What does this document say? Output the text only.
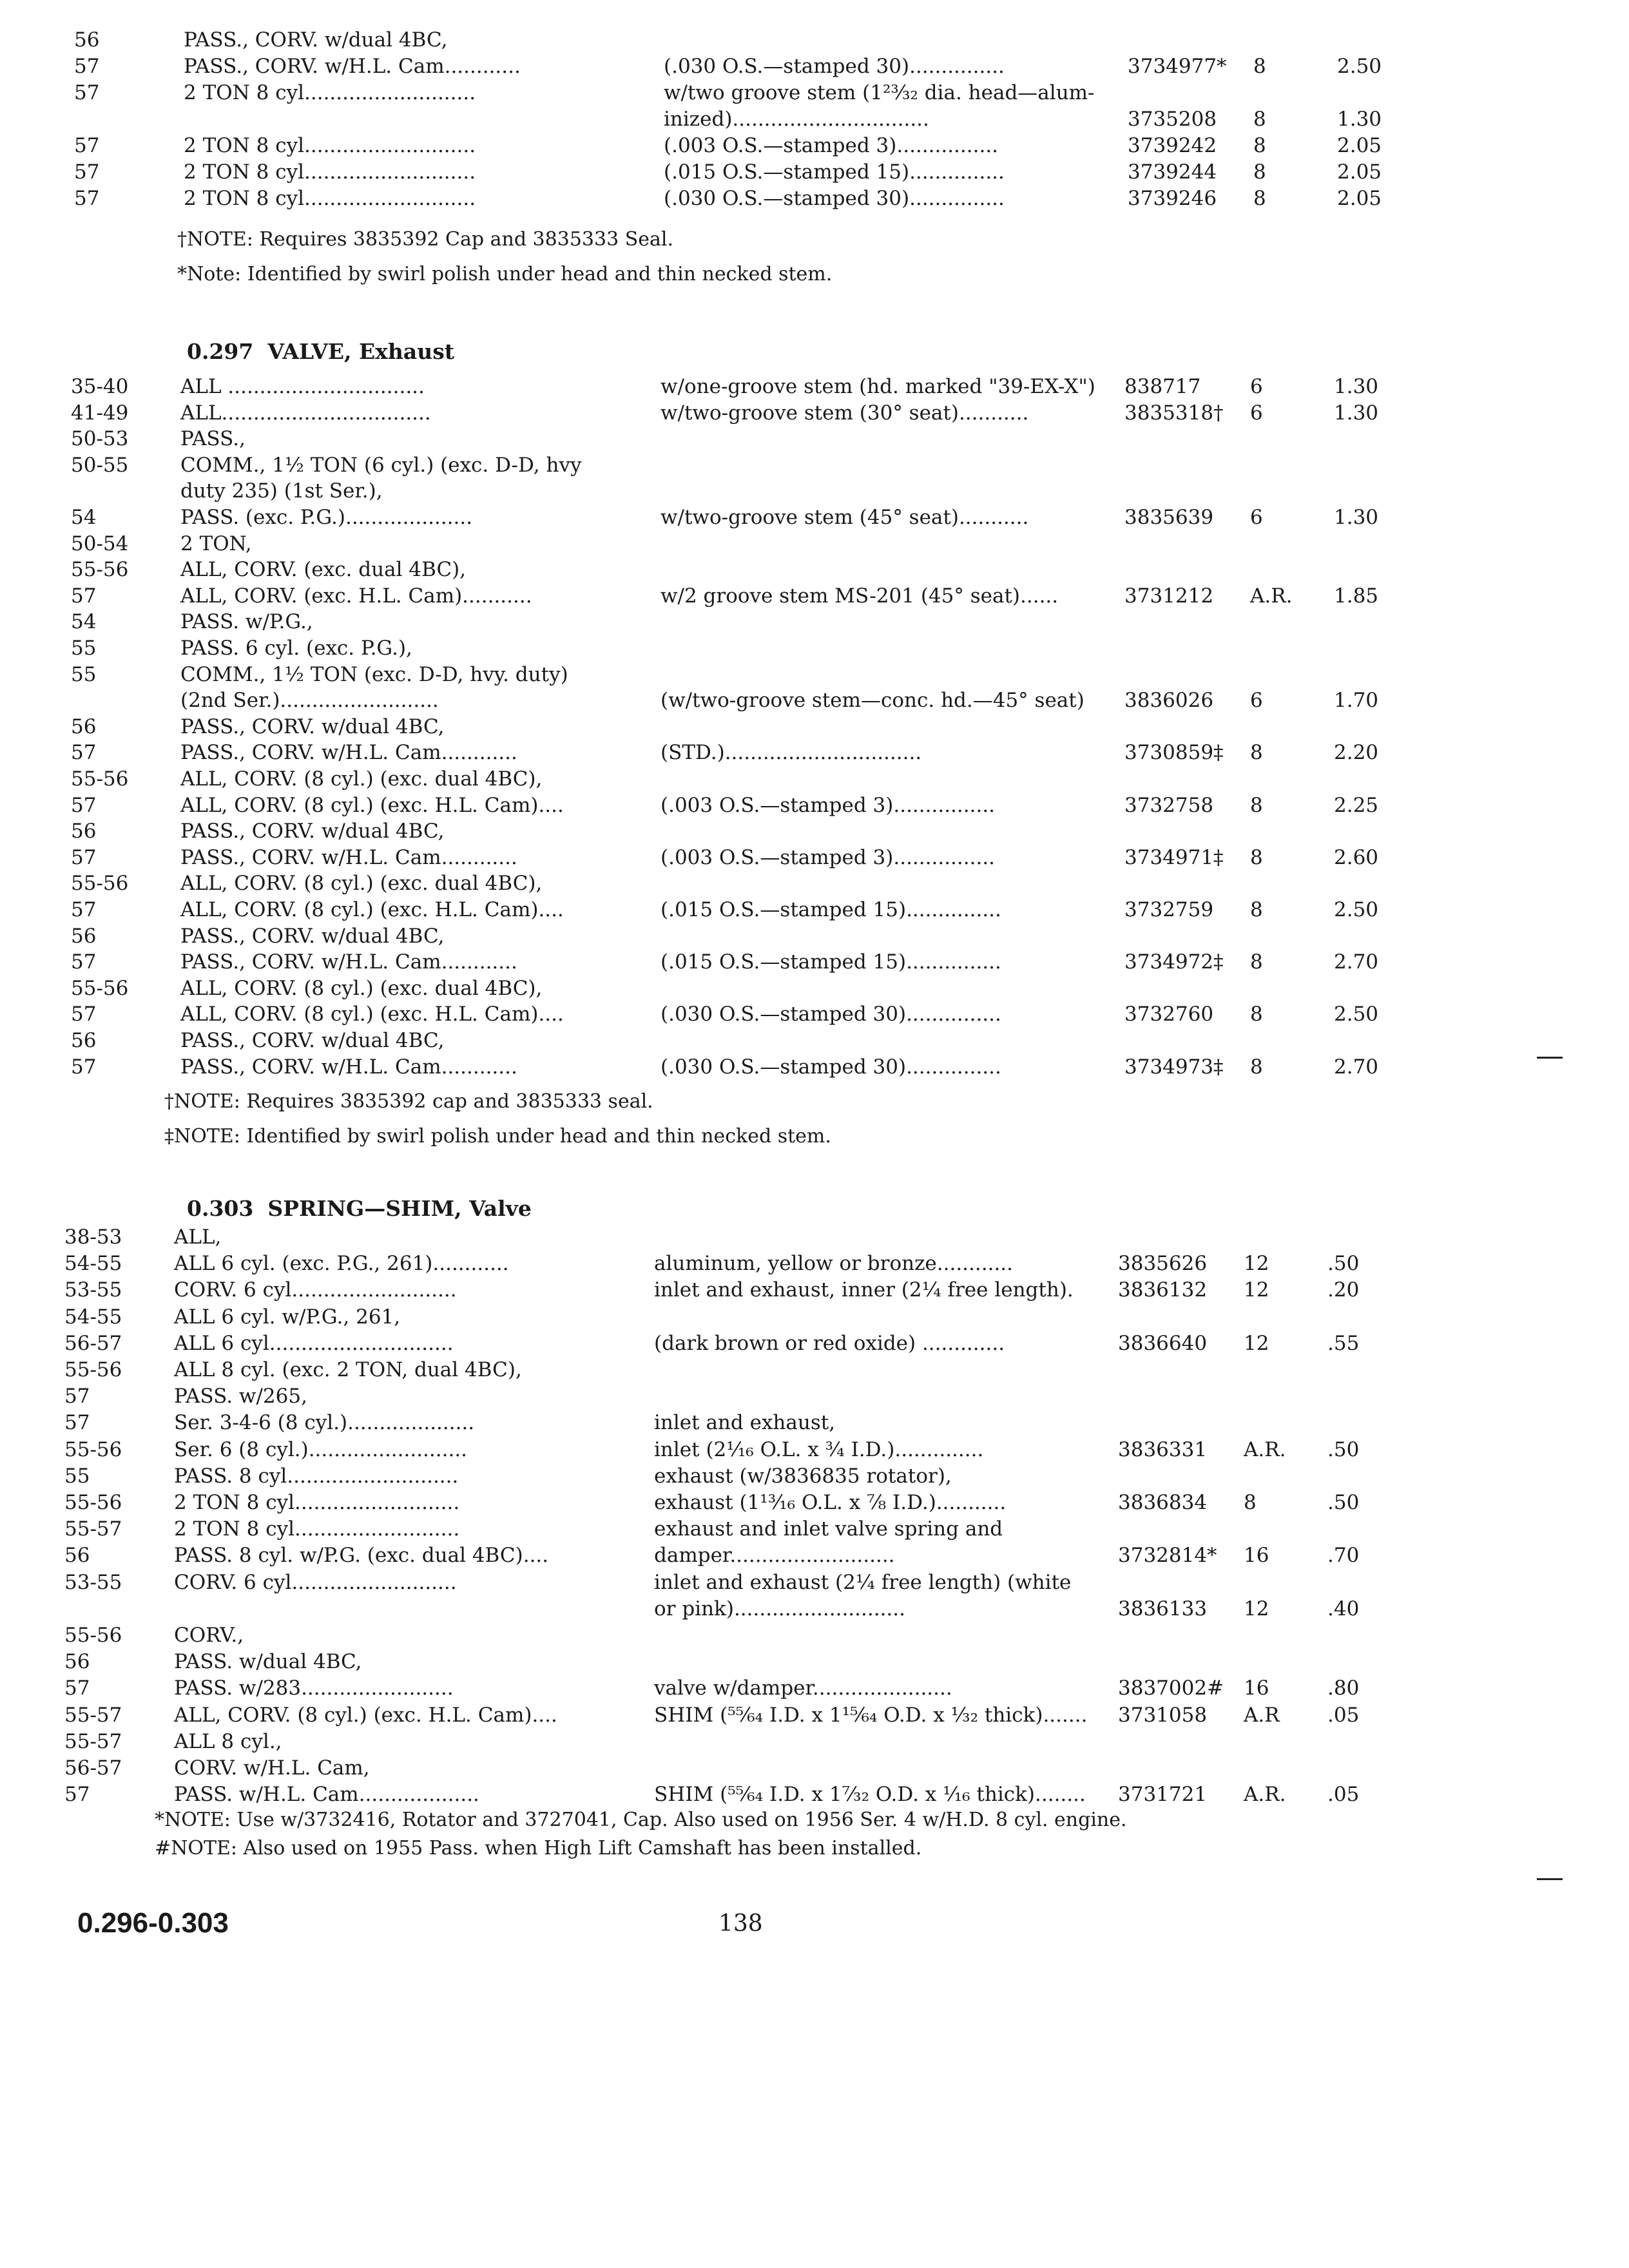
56	PASS., CORV. w/dual 4BC,
57	PASS., CORV. w/H.L. Cam............	(.030 O.S.—stamped 30)...............	3734977* 8	2.50
57	2 TON 8 cyl...........................	w/two groove stem (1²³⁄₃₂ dia. head—alum-
inized)...............................	3735208 8	1.30
57	2 TON 8 cyl...........................	(.003 O.S.—stamped 3)................	3739242 8	2.05
57	2 TON 8 cyl...........................	(.015 O.S.—stamped 15)...............	3739244 8	2.05
57	2 TON 8 cyl...........................	(.030 O.S.—stamped 30)...............	3739246 8	2.05
†NOTE: Requires 3835392 Cap and 3835333 Seal.
*Note: Identified by swirl polish under head and thin necked stem.
0.297 VALVE, Exhaust
35-40	ALL ...............................	w/one-groove stem (hd. marked "39-EX-X") 838717 6	1.30
41-49	ALL.................................	w/two-groove stem (30° seat)...........	3835318† 6	1.30
50-53	PASS.,
50-55	COMM., 1½ TON (6 cyl.) (exc. D-D, hvy
duty 235) (1st Ser.),
54	PASS. (exc. P.G.)....................	w/two-groove stem (45° seat)...........	3835639 6	1.30
50-54	2 TON,
55-56	ALL, CORV. (exc. dual 4BC),
57	ALL, CORV. (exc. H.L. Cam)...........	w/2 groove stem MS-201 (45° seat)......	3731212 A.R. 1.85
54	PASS. w/P.G.,
55	PASS. 6 cyl. (exc. P.G.),
55	COMM., 1½ TON (exc. D-D, hvy. duty)
(2nd Ser.).........................	(w/two-groove stem—conc. hd.—45° seat) 3836026 6	1.70
56	PASS., CORV. w/dual 4BC,
57	PASS., CORV. w/H.L. Cam............	(STD.)...............................	3730859‡ 8	2.20
55-56	ALL, CORV. (8 cyl.) (exc. dual 4BC),
57	ALL, CORV. (8 cyl.) (exc. H.L. Cam)....	(.003 O.S.—stamped 3)................	3732758 8	2.25
56	PASS., CORV. w/dual 4BC,
57	PASS., CORV. w/H.L. Cam............	(.003 O.S.—stamped 3)................	3734971‡ 8	2.60
55-56	ALL, CORV. (8 cyl.) (exc. dual 4BC),
57	ALL, CORV. (8 cyl.) (exc. H.L. Cam)....	(.015 O.S.—stamped 15)...............	3732759 8	2.50
56	PASS., CORV. w/dual 4BC,
57	PASS., CORV. w/H.L. Cam............	(.015 O.S.—stamped 15)...............	3734972‡ 8	2.70
55-56	ALL, CORV. (8 cyl.) (exc. dual 4BC),
57	ALL, CORV. (8 cyl.) (exc. H.L. Cam)....	(.030 O.S.—stamped 30)...............	3732760 8	2.50
56	PASS., CORV. w/dual 4BC,
57	PASS., CORV. w/H.L. Cam............	(.030 O.S.—stamped 30)...............	3734973‡ 8	2.70
†NOTE: Requires 3835392 cap and 3835333 seal.
‡NOTE: Identified by swirl polish under head and thin necked stem.
0.303 SPRING—SHIM, Valve
38-53	ALL,
54-55	ALL 6 cyl. (exc. P.G., 261)............	aluminum, yellow or bronze............	3835626 12	.50
53-55	CORV. 6 cyl..........................	inlet and exhaust, inner (2¼ free length). 3836132 12	.20
54-55	ALL 6 cyl. w/P.G., 261,
56-57	ALL 6 cyl.............................	(dark brown or red oxide) .............	3836640 12	.55
55-56	ALL 8 cyl. (exc. 2 TON, dual 4BC),
57	PASS. w/265,
57	Ser. 3-4-6 (8 cyl.)....................	inlet and exhaust,
55-56	Ser. 6 (8 cyl.).........................	inlet (2¹⁄₁₆ O.L. x ¾ I.D.)..............	3836331 A.R. .50
55	PASS. 8 cyl...........................	exhaust (w/3836835 rotator),
55-56	2 TON 8 cyl..........................	exhaust (1¹³⁄₁₆ O.L. x ⅞ I.D.)...........	3836834 8	.50
55-57	2 TON 8 cyl..........................	exhaust and inlet valve spring and
56	PASS. 8 cyl. w/P.G. (exc. dual 4BC)....	damper..........................	3732814* 16	.70
53-55	CORV. 6 cyl..........................	inlet and exhaust (2¼ free length) (white
or pink)...........................	3836133 12	.40
55-56	CORV.,
56	PASS. w/dual 4BC,
57	PASS. w/283........................	valve w/damper......................	3837002# 16	.80
55-57	ALL, CORV. (8 cyl.) (exc. H.L. Cam)....	SHIM (⁵⁵⁄₆₄ I.D. x 1¹⁵⁄₆₄ O.D. x ¹⁄₃₂ thick)....... 3731058 A.R .05
55-57	ALL 8 cyl.,
56-57	CORV. w/H.L. Cam,
57	PASS. w/H.L. Cam...................	SHIM (⁵⁵⁄₆₄ I.D. x 1⁷⁄₃₂ O.D. x ¹⁄₁₆ thick)........ 3731721 A.R. .05
*NOTE: Use w/3732416, Rotator and 3727041, Cap. Also used on 1956 Ser. 4 w/H.D. 8 cyl. engine.
#NOTE: Also used on 1955 Pass. when High Lift Camshaft has been installed.
0.296-0.303	138
